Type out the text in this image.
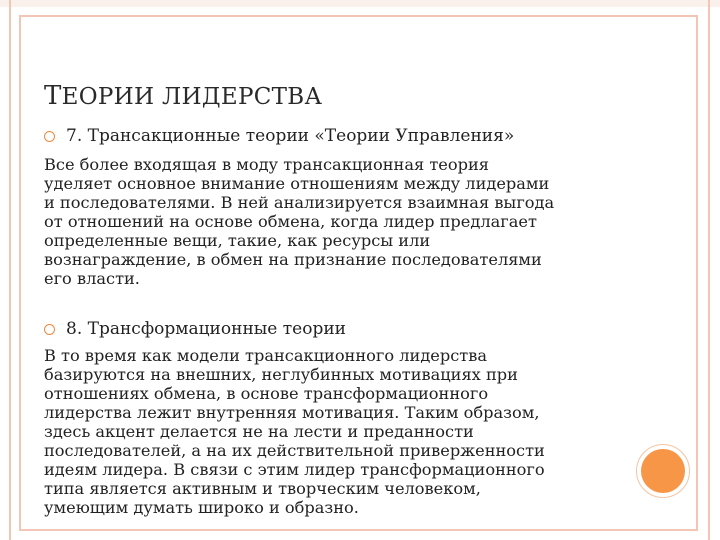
ТЕОРИИ ЛИДЕРСТВА
7. Трансакционные теории «Теории Управления»
Все более входящая в моду трансакционная теория
уделяет основное внимание отношениям между лидерами
и последователями. В ней анализируется взаимная выгода
от отношений на основе обмена, когда лидер предлагает
определенные вещи, такие, как ресурсы или
вознаграждение, в обмен на признание последователями
его власти.
8. Трансформационные теории
В то время как модели трансакционного лидерства
базируются на внешних, неглубинных мотивациях при
отношениях обмена, в основе трансформационного
лидерства лежит внутренняя мотивация. Таким образом,
здесь акцент делается не на лести и преданности
последователей, а на их действительной приверженности
идеям лидера. В связи с этим лидер трансформационного
типа является активным и творческим человеком,
умеющим думать широко и образно.
